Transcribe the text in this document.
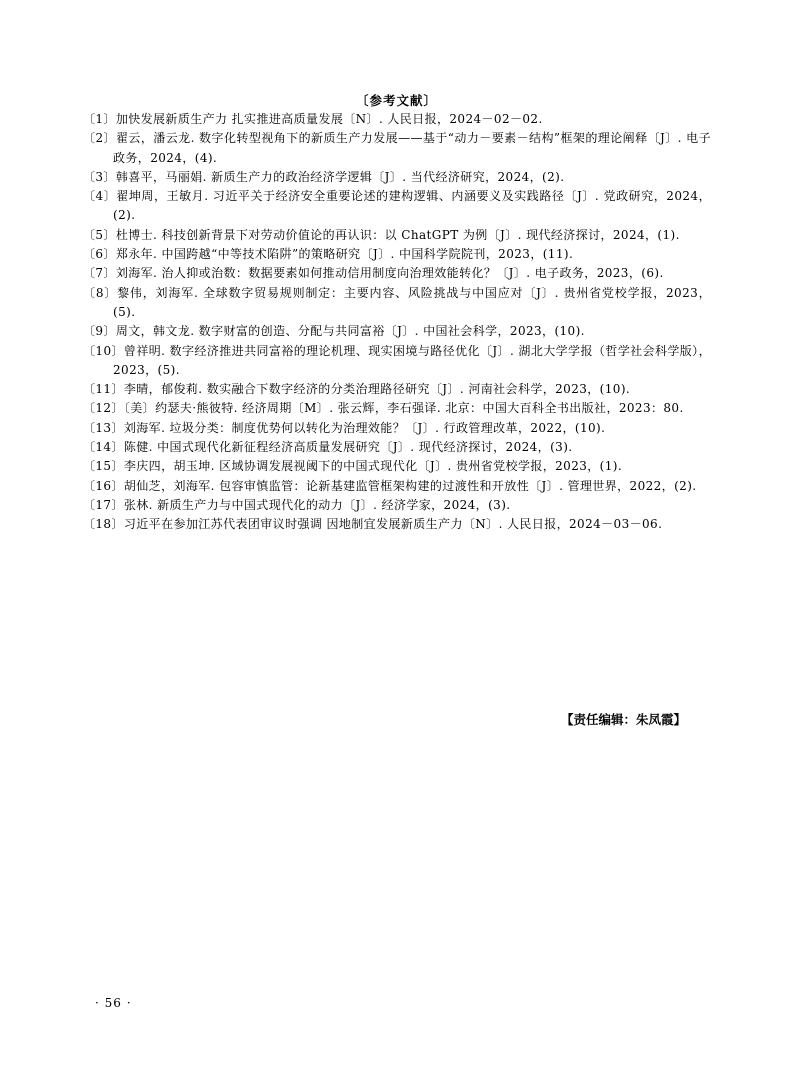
〔参考文献〕
〔1〕加快发展新质生产力 扎实推进高质量发展〔N〕. 人民日报，2024－02－02.
〔2〕翟云，潘云龙. 数字化转型视角下的新质生产力发展——基于“动力－要素－结构”框架的理论阐释〔J〕. 电子政务，2024，(4).
〔3〕韩喜平，马丽娟. 新质生产力的政治经济学逻辑〔J〕. 当代经济研究，2024，(2).
〔4〕翟坤周，王敏月. 习近平关于经济安全重要论述的建构逻辑、内涵要义及实践路径〔J〕. 党政研究，2024，(2).
〔5〕杜博士. 科技创新背景下对劳动价值论的再认识：以 ChatGPT 为例〔J〕. 现代经济探讨，2024，(1).
〔6〕郑永年. 中国跨越“中等技术陷阱”的策略研究〔J〕. 中国科学院院刊，2023，(11).
〔7〕刘海军. 治人抑或治数：数据要素如何推动信用制度向治理效能转化？〔J〕. 电子政务，2023，(6).
〔8〕黎伟，刘海军. 全球数字贸易规则制定：主要内容、风险挑战与中国应对〔J〕. 贵州省党校学报，2023，(5).
〔9〕周文，韩文龙. 数字财富的创造、分配与共同富裕〔J〕. 中国社会科学，2023，(10).
〔10〕曾祥明. 数字经济推进共同富裕的理论机理、现实困境与路径优化〔J〕. 湖北大学学报（哲学社会科学版），2023，(5).
〔11〕李晴，郁俊莉. 数实融合下数字经济的分类治理路径研究〔J〕. 河南社会科学，2023，(10).
〔12〕〔美〕约瑟夫·熊彼特. 经济周期〔M〕. 张云辉，李石强译. 北京：中国大百科全书出版社，2023：80.
〔13〕刘海军. 垃圾分类：制度优势何以转化为治理效能？〔J〕. 行政管理改革，2022，(10).
〔14〕陈健. 中国式现代化新征程经济高质量发展研究〔J〕. 现代经济探讨，2024，(3).
〔15〕李庆四，胡玉坤. 区域协调发展视阈下的中国式现代化〔J〕. 贵州省党校学报，2023，(1).
〔16〕胡仙芝，刘海军. 包容审慎监管：论新基建监管框架构建的过渡性和开放性〔J〕. 管理世界，2022，(2).
〔17〕张林. 新质生产力与中国式现代化的动力〔J〕. 经济学家，2024，(3).
〔18〕习近平在参加江苏代表团审议时强调 因地制宜发展新质生产力〔N〕. 人民日报，2024－03－06.
【责任编辑：朱凤霞】
· 56 ·
